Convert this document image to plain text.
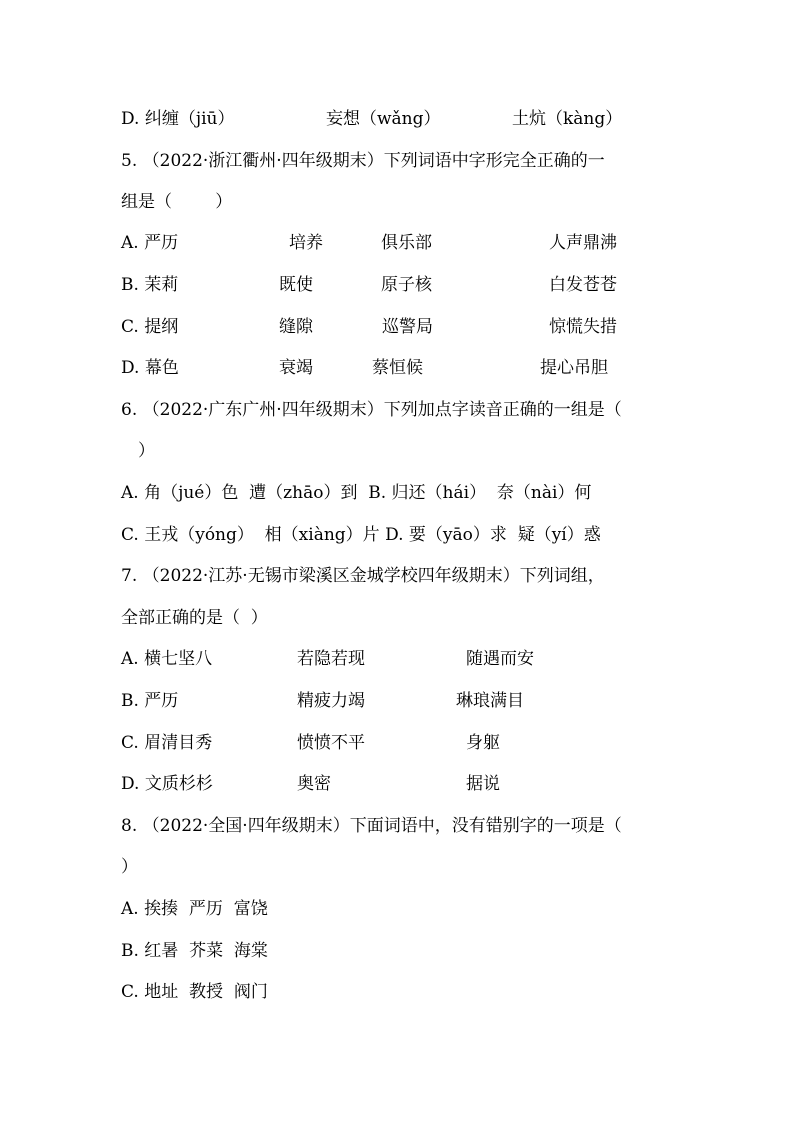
D. 纠缠（jiū）	妄想（wǎng）	土炕（kàng）
5. （2022·浙江衢州·四年级期末）下列词语中字形完全正确的一
组是（        ）
A. 严历	培养	俱乐部	人声鼎沸
B. 茉莉	既使	原子核	白发苍苍
C. 提纲	缝隙	巡警局	惊慌失措
D. 幕色	衰竭	蔡恒候	提心吊胆
6. （2022·广东广州·四年级期末）下列加点字读音正确的一组是（
）
A. 角（jué）色  遭（zhāo）到  B. 归还（hái）  奈（nài）何
C. 王戎（yóng）  相（xiàng）片 D. 要（yāo）求  疑（yí）惑
7. （2022·江苏·无锡市梁溪区金城学校四年级期末）下列词组，
全部正确的是（  ）
A. 横七坚八	若隐若现	随遇而安
B. 严历	精疲力竭	琳琅满目
C. 眉清目秀	愤愤不平	身躯
D. 文质杉杉	奥密	据说
8. （2022·全国·四年级期末）下面词语中，没有错别字的一项是（
）
A. 挨揍  严历  富饶
B. 红暑  芥菜  海棠
C. 地址  教授  阀门
